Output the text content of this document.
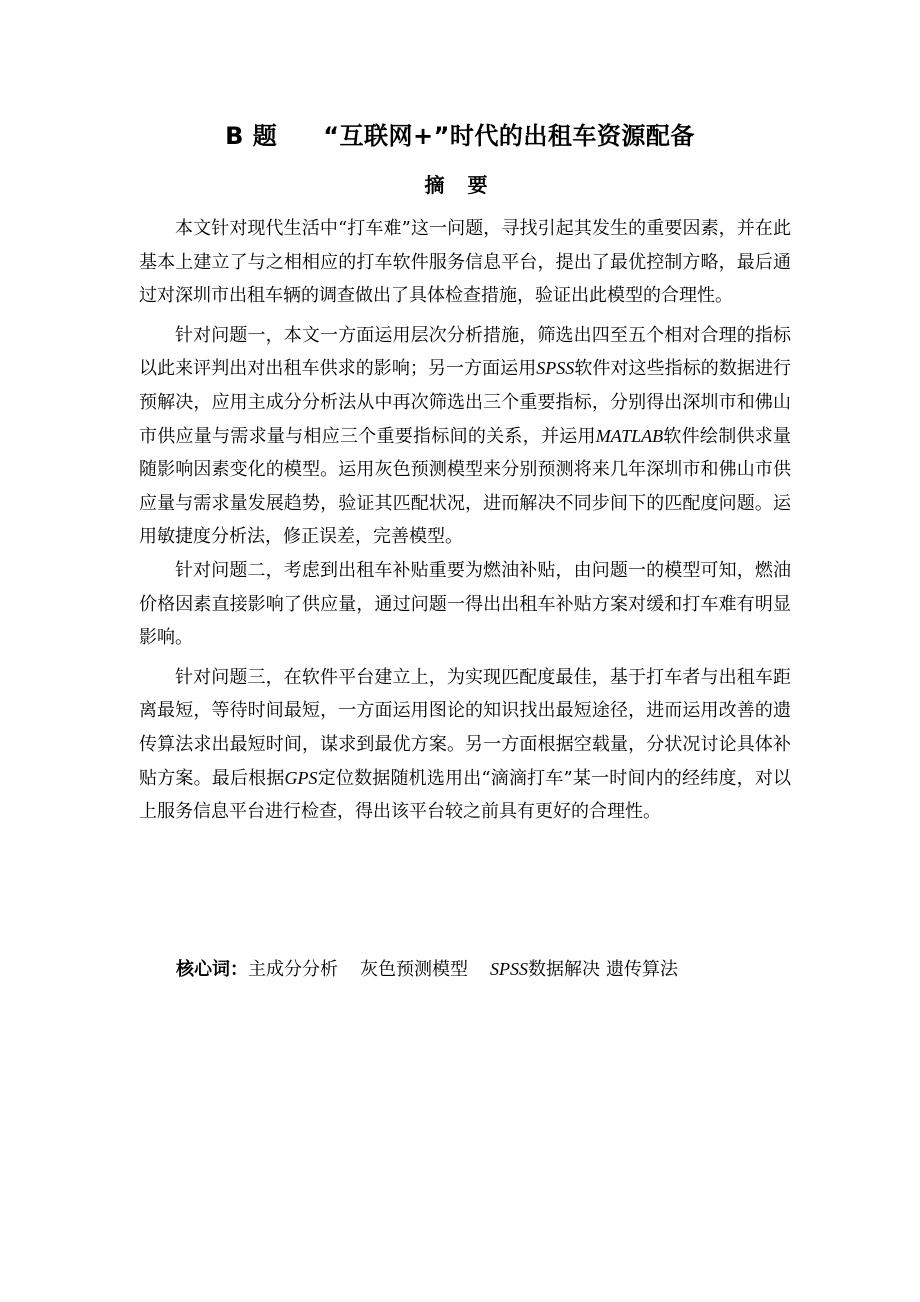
B 题 “互联网+”时代的出租车资源配备
摘 要

本文针对现代生活中“打车难”这一问题，寻找引起其发生的重要因素，并在此基本上建立了与之相相应的打车软件服务信息平台，提出了最优控制方略，最后通过对深圳市出租车辆的调查做出了具体检查措施，验证出此模型的合理性。

针对问题一，本文一方面运用层次分析措施，筛选出四至五个相对合理的指标以此来评判出对出租车供求的影响；另一方面运用SPSS软件对这些指标的数据进行预解决，应用主成分分析法从中再次筛选出三个重要指标，分别得出深圳市和佛山市供应量与需求量与相应三个重要指标间的关系，并运用MATLAB软件绘制供求量随影响因素变化的模型。运用灰色预测模型来分别预测将来几年深圳市和佛山市供应量与需求量发展趋势，验证其匹配状况，进而解决不同步间下的匹配度问题。运用敏捷度分析法，修正误差，完善模型。

针对问题二，考虑到出租车补贴重要为燃油补贴，由问题一的模型可知，燃油价格因素直接影响了供应量，通过问题一得出出租车补贴方案对缓和打车难有明显影响。

针对问题三，在软件平台建立上，为实现匹配度最佳，基于打车者与出租车距离最短，等待时间最短，一方面运用图论的知识找出最短途径，进而运用改善的遗传算法求出最短时间，谋求到最优方案。另一方面根据空载量，分状况讨论具体补贴方案。最后根据GPS定位数据随机选用出“滴滴打车”某一时间内的经纬度，对以上服务信息平台进行检查，得出该平台较之前具有更好的合理性。

核心词：主成分分析 灰色预测模型 SPSS数据解决 遗传算法
